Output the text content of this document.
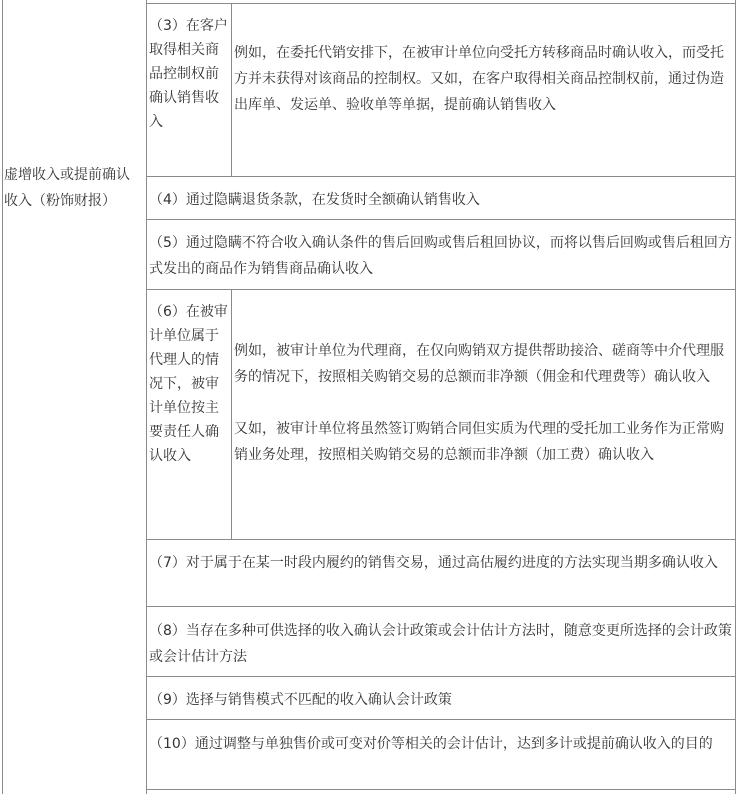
虚增收入或提前确认收入（粉饰财报）
（3）在客户取得相关商品控制权前确认销售收入
例如，在委托代销安排下，在被审计单位向受托方转移商品时确认收入，而受托方并未获得对该商品的控制权。又如，在客户取得相关商品控制权前，通过伪造出库单、发运单、验收单等单据，提前确认销售收入
（4）通过隐瞒退货条款，在发货时全额确认销售收入
（5）通过隐瞒不符合收入确认条件的售后回购或售后租回协议，而将以售后回购或售后租回方式发出的商品作为销售商品确认收入
（6）在被审计单位属于代理人的情况下，被审计单位按主要责任人确认收入
例如，被审计单位为代理商，在仅向购销双方提供帮助接洽、磋商等中介代理服务的情况下，按照相关购销交易的总额而非净额（佣金和代理费等）确认收入
又如，被审计单位将虽然签订购销合同但实质为代理的受托加工业务作为正常购销业务处理，按照相关购销交易的总额而非净额（加工费）确认收入
（7）对于属于在某一时段内履约的销售交易，通过高估履约进度的方法实现当期多确认收入
（8）当存在多种可供选择的收入确认会计政策或会计估计方法时，随意变更所选择的会计政策或会计估计方法
（9）选择与销售模式不匹配的收入确认会计政策
（10）通过调整与单独售价或可变对价等相关的会计估计，达到多计或提前确认收入的目的
